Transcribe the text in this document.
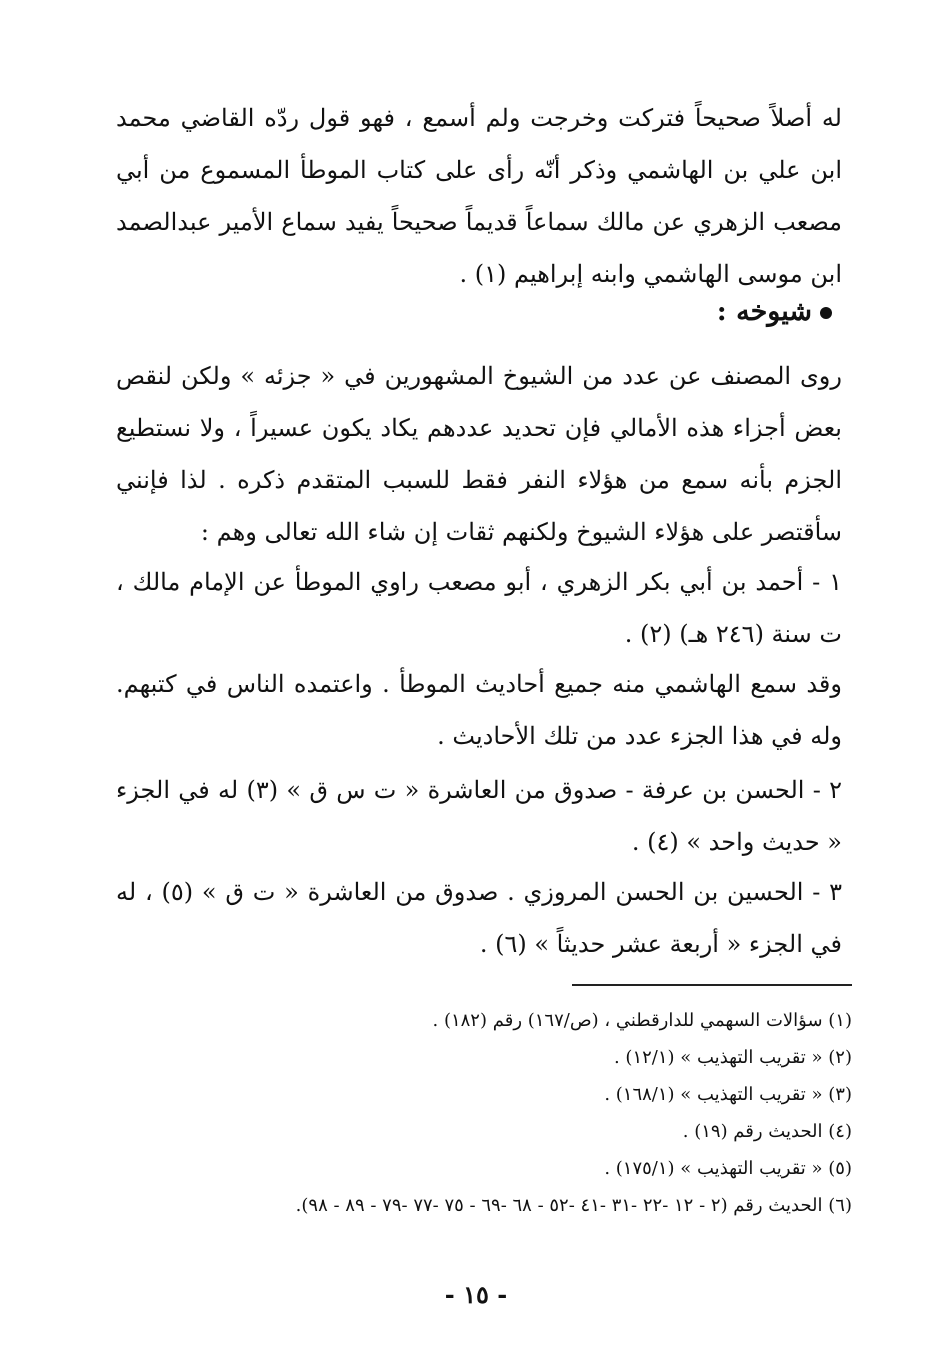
له أصلاً صحيحاً فتركت وخرجت ولم أسمع ، فهو قول ردّه القاضي محمد ابن علي بن الهاشمي وذكر أنّه رأى على كتاب الموطأ المسموع من أبي مصعب الزهري عن مالك سماعاً قديماً صحيحاً يفيد سماع الأمير عبدالصمد ابن موسى الهاشمي وابنه إبراهيم (١) .

شيوخه :

روى المصنف عن عدد من الشيوخ المشهورين في « جزئه » ولكن لنقص بعض أجزاء هذه الأمالي فإن تحديد عددهم يكاد يكون عسيراً ، ولا نستطيع الجزم بأنه سمع من هؤلاء النفر فقط للسبب المتقدم ذكره . لذا فإنني سأقتصر على هؤلاء الشيوخ ولكنهم ثقات إن شاء الله تعالى وهم :

١ - أحمد بن أبي بكر الزهري ، أبو مصعب راوي الموطأ عن الإمام مالك ، ت سنة (٢٤٦ هـ) (٢) .

وقد سمع الهاشمي منه جميع أحاديث الموطأ . واعتمده الناس في كتبهم. وله في هذا الجزء عدد من تلك الأحاديث .

٢ - الحسن بن عرفة - صدوق من العاشرة « ت س ق » (٣) له في الجزء « حديث واحد » (٤) .

٣ - الحسين بن الحسن المروزي . صدوق من العاشرة « ت ق » (٥) ، له في الجزء « أربعة عشر حديثاً » (٦) .

(١) سؤالات السهمي للدارقطني ، (ص/١٦٧) رقم (١٨٢) .
(٢) « تقريب التهذيب » (١٢/١) .
(٣) « تقريب التهذيب » (١٦٨/١) .
(٤) الحديث رقم (١٩) .
(٥) « تقريب التهذيب » (١٧٥/١) .
(٦) الحديث رقم (٢ - ١٢ -٢٢ -٣١ -٤١ -٥٢ - ٦٨ -٦٩ - ٧٥ -٧٧ -٧٩ - ٨٩ - ٩٨).
- ١٥ -
